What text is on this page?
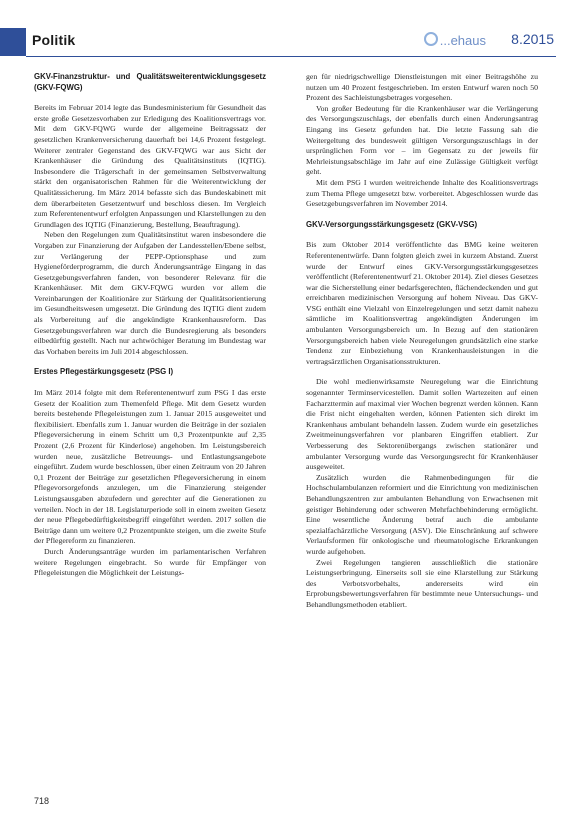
Politik	...ehaus 8.2015
GKV-Finanzstruktur- und Qualitätsweiterentwicklungsgesetz (GKV-FQWG)

Bereits im Februar 2014 legte das Bundesministerium für Gesundheit das erste große Gesetzesvorhaben zur Erledigung des Koalitionsvertrags vor. Mit dem GKV-FQWG wurde der allgemeine Beitragssatz der gesetzlichen Krankenversicherung dauerhaft bei 14,6 Prozent festgelegt. Weiterer zentraler Gegenstand des GKV-FQWG war aus Sicht der Krankenhäuser die Gründung des Qualitätsinstituts (IQTIG). Insbesondere die Trägerschaft in der gemeinsamen Selbstverwaltung stärkt den organisatorischen Rahmen für die Weiterentwicklung der Qualitätssicherung. Im März 2014 befasste sich das Bundeskabinett mit dem überarbeiteten Gesetzentwurf und beschloss diesen. Im Vergleich zum Referentenentwurf erfolgten Anpassungen und Klarstellungen zu den Grundlagen des IQTIG (Finanzierung, Bestellung, Beauftragung).

Neben den Regelungen zum Qualitätsinstitut waren insbesondere die Vorgaben zur Finanzierung der Aufgaben der Landesstellen/Ebene selbst, zur Verlängerung der PEPP-Optionsphase und zum Hygieneförderprogramm, die durch Änderungsanträge Eingang in das Gesetzgebungsverfahren fanden, von besonderer Relevanz für die Krankenhäuser. Mit dem GKV-FQWG wurden vor allem die Vereinbarungen der Koalitionäre zur Stärkung der Qualitätsorientierung im Gesundheitswesen umgesetzt. Die Gründung des IQTIG dient zudem als Vorbereitung auf die angekündigte Krankenhausreform. Das Gesetzgebungsverfahren war durch die Bundesregierung als besonders eilbedürftig gestellt. Nach nur achtwöchiger Beratung im Bundestag war das Vorhaben bereits im Juli 2014 abgeschlossen.

Erstes Pflegestärkungsgesetz (PSG I)

Im März 2014 folgte mit dem Referentenentwurf zum PSG I das erste Gesetz der Koalition zum Themenfeld Pflege. Mit dem Gesetz wurden bereits bestehende Pflegeleistungen zum 1. Januar 2015 ausgeweitet und flexibilisiert. Ebenfalls zum 1. Januar wurden die Beiträge in der sozialen Pflegeversicherung in einem Schritt um 0,3 Prozentpunkte auf 2,35 Prozent (2,6 Prozent für Kinderlose) angehoben. Im Leistungsbereich wurden neue, zusätzliche Betreuungs- und Entlastungsangebote eingeführt. Zudem wurde beschlossen, über einen Zeitraum von 20 Jahren 0,1 Prozent der Beiträge zur gesetzlichen Pflegeversicherung in einem Pflegevorsorgefonds anzulegen, um die Finanzierung steigender Leistungsausgaben abzufedern und gerechter auf die Generationen zu verteilen. Noch in der 18. Legislaturperiode soll in einem zweiten Gesetz der neue Pflegebedürftigkeitsbegriff eingeführt werden. 2017 sollen die Beiträge dann um weitere 0,2 Prozentpunkte steigen, um die zweite Stufe der Pflegereform zu finanzieren.

Durch Änderungsanträge wurden im parlamentarischen Verfahren weitere Regelungen eingebracht. So wurde für Empfänger von Pflegeleistungen die Möglichkeit der Leistungs-

gen für niedrigschwellige Dienstleistungen mit einer Beitragshöhe zu nutzen um 40 Prozent festgeschrieben. Im ersten Entwurf waren noch 50 Prozent des Sachleistungsbetrages vorgesehen.

Von großer Bedeutung für die Krankenhäuser war die Verlängerung des Versorgungszuschlags, der ebenfalls durch einen Änderungsantrag Eingang ins Gesetz gefunden hat. Die letzte Fassung sah die Weitergeltung des bundesweit gültigen Versorgungszuschlags in der ursprünglichen Form vor – im Gegensatz zu der jeweils für Mehrleistungsabschläge im Jahr auf eine Zulässige Gültigkeit verfügt geht.

Mit dem PSG I wurden weitreichende Inhalte des Koalitionsvertrags zum Thema Pflege umgesetzt bzw. vorbereitet. Abgeschlossen wurde das Gesetzgebungsverfahren im November 2014.

GKV-Versorgungsstärkungsgesetz (GKV-VSG)

Bis zum Oktober 2014 veröffentlichte das BMG keine weiteren Referentenentwürfe. Dann folgten gleich zwei in kurzem Abstand. Zuerst wurde der Entwurf eines GKV-Versorgungsstärkungsgesetzes veröffentlicht (Referentenentwurf 21. Oktober 2014). Ziel dieses Gesetzes war die Sicherstellung einer bedarfsgerechten, flächendeckenden und gut erreichbaren medizinischen Versorgung auf hohem Niveau. Das GKV-VSG enthält eine Vielzahl von Einzelregelungen und setzt damit nahezu sämtliche im Koalitionsvertrag angekündigten Änderungen im ambulanten Versorgungsbereich um. In Bezug auf den stationären Versorgungsbereich haben viele Neuregelungen grundsätzlich eine starke Tendenz zur Einbeziehung von Krankenhausleistungen in die vertragsärztlichen Organisationsstrukturen.

Die wohl medienwirksamste Neuregelung war die Einrichtung sogenannter Terminservicestellen. Damit sollen Wartezeiten auf einen Facharzttermin auf maximal vier Wochen begrenzt werden können. Kann die Frist nicht eingehalten werden, können Patienten sich direkt im Krankenhaus ambulant behandeln lassen. Zudem wurde ein gesetzliches Zweitmeinungsverfahren vor planbaren Eingriffen etabliert. Zur Verbesserung des Sektorenübergangs zwischen stationärer und ambulanter Versorgung wurde das Versorgungsrecht für Krankenhäuser ausgeweitet.

Zusätzlich wurden die Rahmenbedingungen für die Hochschulambulanzen reformiert und die Einrichtung von medizinischen Behandlungszentren zur ambulanten Behandlung von Erwachsenen mit geistiger Behinderung oder schweren Mehrfachbehinderung ermöglicht. Eine wesentliche Änderung betraf auch die ambulante spezialfachärztliche Versorgung (ASV). Die Einschränkung auf schwere Verlaufsformen für onkologische und rheumatologische Erkrankungen wurde aufgehoben.

Zwei Regelungen tangieren ausschließlich die stationäre Leistungserbringung. Einerseits soll sie eine Klarstellung zur Stärkung des Verbotsvorbehalts, andererseits wird ein Erprobungsbewertungsverfahren für bestimmte neue Untersuchungs- und Behandlungsmethoden etabliert.

718
